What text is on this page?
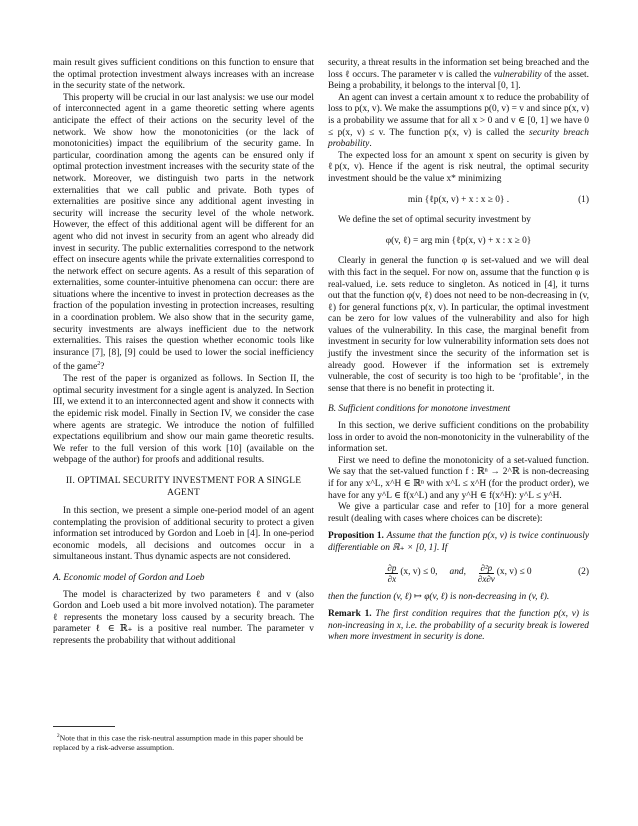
main result gives sufficient conditions on this function to ensure that the optimal protection investment always increases with an increase in the security state of the network.

This property will be crucial in our last analysis: we use our model of interconnected agent in a game theoretic setting where agents anticipate the effect of their actions on the security level of the network. We show how the monotonicities (or the lack of monotonicities) impact the equilibrium of the security game. In particular, coordination among the agents can be ensured only if optimal protection investment increases with the security state of the network. Moreover, we distinguish two parts in the network externalities that we call public and private. Both types of externalities are positive since any additional agent investing in security will increase the security level of the whole network. However, the effect of this additional agent will be different for an agent who did not invest in security from an agent who already did invest in security. The public externalities correspond to the network effect on insecure agents while the private externalities correspond to the network effect on secure agents. As a result of this separation of externalities, some counter-intuitive phenomena can occur: there are situations where the incentive to invest in protection decreases as the fraction of the population investing in protection increases, resulting in a coordination problem. We also show that in the security game, security investments are always inefficient due to the network externalities. This raises the question whether economic tools like insurance [7], [8], [9] could be used to lower the social inefficiency of the game$^2$?

The rest of the paper is organized as follows. In Section II, the optimal security investment for a single agent is analyzed. In Section III, we extend it to an interconnected agent and show it connects with the epidemic risk model. Finally in Section IV, we consider the case where agents are strategic. We introduce the notion of fulfilled expectations equilibrium and show our main game theoretic results. We refer to the full version of this work [10] (available on the webpage of the author) for proofs and additional results.

II. OPTIMAL SECURITY INVESTMENT FOR A SINGLE AGENT

In this section, we present a simple one-period model of an agent contemplating the provision of additional security to protect a given information set introduced by Gordon and Loeb in [4]. In one-period economic models, all decisions and outcomes occur in a simultaneous instant. Thus dynamic aspects are not considered.

A. Economic model of Gordon and Loeb

The model is characterized by two parameters ℓ and v (also Gordon and Loeb used a bit more involved notation). The parameter ℓ represents the monetary loss caused by a security breach. The parameter ℓ ∈ ℝ₊ is a positive real number. The parameter v represents the probability that without additional

$^2$Note that in this case the risk-neutral assumption made in this paper should be replaced by a risk-adverse assumption.

security, a threat results in the information set being breached and the loss ℓ occurs. The parameter v is called the vulnerability of the asset. Being a probability, it belongs to the interval [0, 1].

An agent can invest a certain amount x to reduce the probability of loss to p(x, v). We make the assumptions p(0, v) = v and since p(x, v) is a probability we assume that for all x > 0 and v ∈ [0, 1] we have 0 ≤ p(x, v) ≤ v. The function p(x, v) is called the security breach probability.

The expected loss for an amount x spent on security is given by ℓp(x, v). Hence if the agent is risk neutral, the optimal security investment should be the value x* minimizing

min {ℓp(x, v) + x : x ≥ 0} .	(1)

We define the set of optimal security investment by

φ(v, ℓ) = arg min {ℓp(x, v) + x : x ≥ 0}

Clearly in general the function φ is set-valued and we will deal with this fact in the sequel. For now on, assume that the function φ is real-valued, i.e. sets reduce to singleton. As noticed in [4], it turns out that the function φ(v, ℓ) does not need to be non-decreasing in (v, ℓ) for general functions p(x, v). In particular, the optimal investment can be zero for low values of the vulnerability and also for high values of the vulnerability. In this case, the marginal benefit from investment in security for low vulnerability information sets does not justify the investment since the security of the information set is already good. However if the information set is extremely vulnerable, the cost of security is too high to be ‘profitable’, in the sense that there is no benefit in protecting it.

B. Sufficient conditions for monotone investment

In this section, we derive sufficient conditions on the probability loss in order to avoid the non-monotonicity in the vulnerability of the information set.

First we need to define the monotonicity of a set-valued function. We say that the set-valued function f : ℝⁿ → 2^ℝ is non-decreasing if for any x^L, x^H ∈ ℝⁿ with x^L ≤ x^H (for the product order), we have for any y^L ∈ f(x^L) and any y^H ∈ f(x^H): y^L ≤ y^H.

We give a particular case and refer to [10] for a more general result (dealing with cases where choices can be discrete):

Proposition 1. Assume that the function p(x, v) is twice continuously differentiable on ℝ₊ × [0, 1]. If

$\frac{\partial p}{\partial x} (x$, v) ≤ 0, and, $\frac{\text{∂²p}}{\partial x\partial v} (x$, v) ≤ 0	(2)

then the function (v, ℓ) ↦ φ(v, ℓ) is non-decreasing in (v, ℓ).

Remark 1. The first condition requires that the function p(x, v) is non-increasing in x, i.e. the probability of a security break is lowered when more investment in security is done.
